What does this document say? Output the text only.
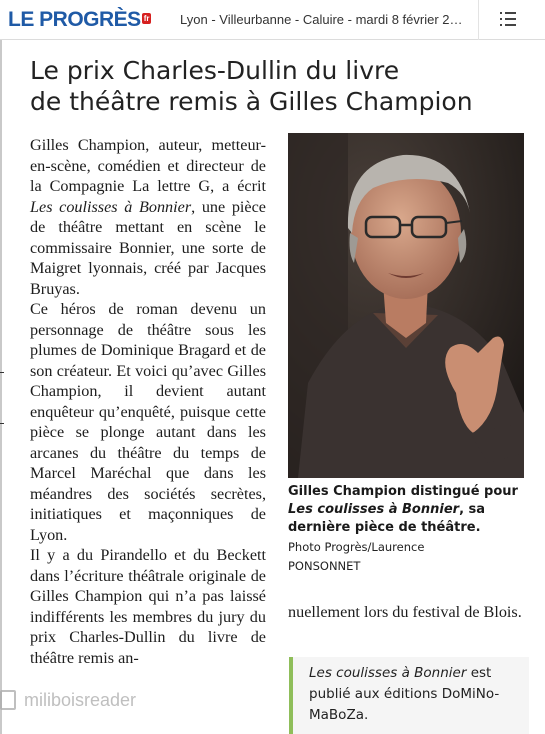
LE PROGRÈS fr Lyon - Villeurbanne - Caluire - mardi 8 février 2…
Le prix Charles-Dullin du livre
de théâtre remis à Gilles Champion

Gilles Champion, auteur, metteur-en-scène, comédien et directeur de la Compagnie La lettre G, a écrit Les coulisses à Bonnier, une pièce de théâtre mettant en scène le commissaire Bonnier, une sorte de Maigret lyonnais, créé par Jacques Bruyas.

Ce héros de roman devenu un personnage de théâtre sous les plumes de Dominique Bragard et de son créateur. Et voici qu’avec Gilles Champion, il devient autant enquêteur qu’enquêté, puisque cette pièce se plonge autant dans les arcanes du théâtre du temps de Marcel Maréchal que dans les méandres des sociétés secrètes, initiatiques et maçonniques de Lyon.

Il y a du Pirandello et du Beckett dans l’écriture théâtrale originale de Gilles Champion qui n’a pas laissé indifférents les membres du jury du prix Charles-Dullin du livre de théâtre remis an-

Gilles Champion distingué pour Les coulisses à Bonnier, sa dernière pièce de théâtre.
Photo Progrès/Laurence
PONSONNET
nuellement lors du festival de Blois.
Les coulisses à Bonnier est publié aux éditions DoMiNo-MaBoZa.
miliboisreader
